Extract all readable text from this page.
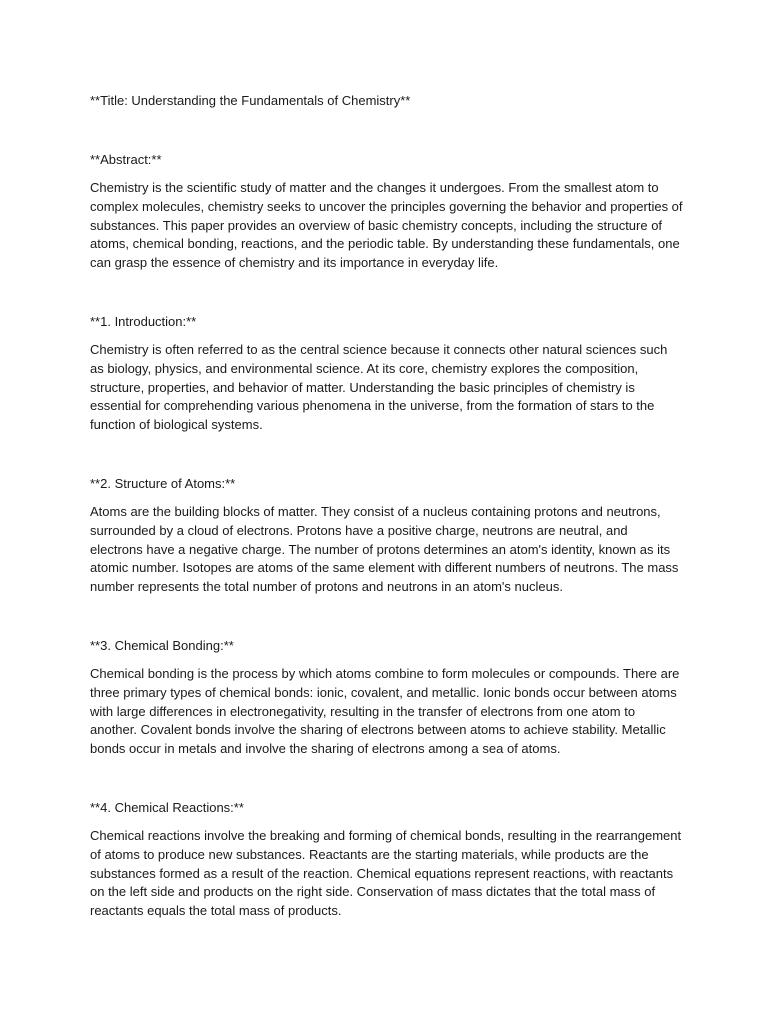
**Title: Understanding the Fundamentals of Chemistry**

**Abstract:**

Chemistry is the scientific study of matter and the changes it undergoes. From the smallest atom to complex molecules, chemistry seeks to uncover the principles governing the behavior and properties of substances. This paper provides an overview of basic chemistry concepts, including the structure of atoms, chemical bonding, reactions, and the periodic table. By understanding these fundamentals, one can grasp the essence of chemistry and its importance in everyday life.

**1. Introduction:**

Chemistry is often referred to as the central science because it connects other natural sciences such as biology, physics, and environmental science. At its core, chemistry explores the composition, structure, properties, and behavior of matter. Understanding the basic principles of chemistry is essential for comprehending various phenomena in the universe, from the formation of stars to the function of biological systems.

**2. Structure of Atoms:**

Atoms are the building blocks of matter. They consist of a nucleus containing protons and neutrons, surrounded by a cloud of electrons. Protons have a positive charge, neutrons are neutral, and electrons have a negative charge. The number of protons determines an atom's identity, known as its atomic number. Isotopes are atoms of the same element with different numbers of neutrons. The mass number represents the total number of protons and neutrons in an atom's nucleus.

**3. Chemical Bonding:**

Chemical bonding is the process by which atoms combine to form molecules or compounds. There are three primary types of chemical bonds: ionic, covalent, and metallic. Ionic bonds occur between atoms with large differences in electronegativity, resulting in the transfer of electrons from one atom to another. Covalent bonds involve the sharing of electrons between atoms to achieve stability. Metallic bonds occur in metals and involve the sharing of electrons among a sea of atoms.

**4. Chemical Reactions:**

Chemical reactions involve the breaking and forming of chemical bonds, resulting in the rearrangement of atoms to produce new substances. Reactants are the starting materials, while products are the substances formed as a result of the reaction. Chemical equations represent reactions, with reactants on the left side and products on the right side. Conservation of mass dictates that the total mass of reactants equals the total mass of products.
